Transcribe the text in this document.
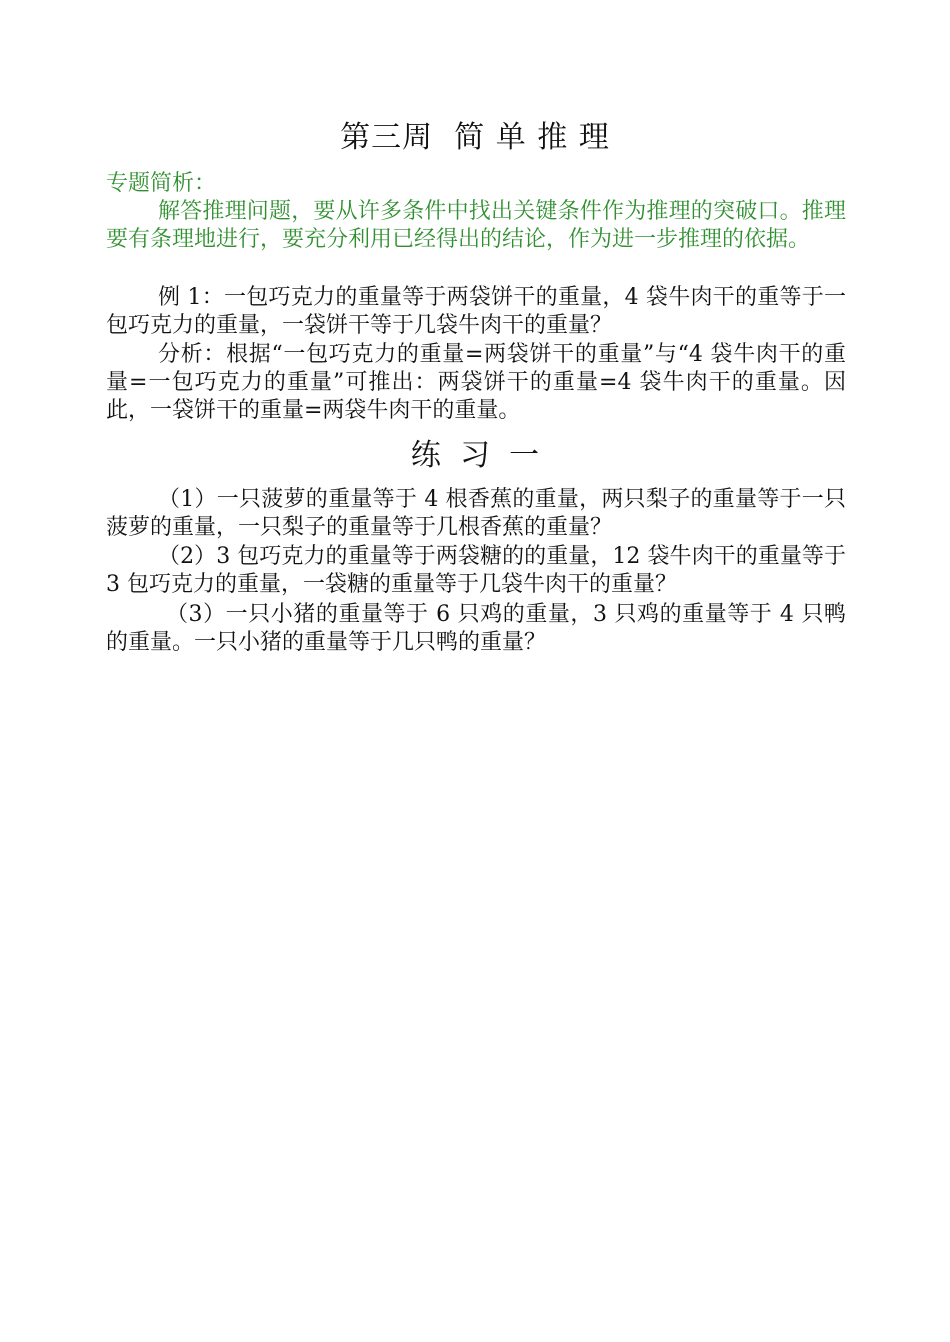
第三周  简 单 推 理
专题简析：
解答推理问题，要从许多条件中找出关键条件作为推理的突破口。推理要有条理地进行，要充分利用已经得出的结论，作为进一步推理的依据。
例 1：一包巧克力的重量等于两袋饼干的重量，4 袋牛肉干的重等于一包巧克力的重量，一袋饼干等于几袋牛肉干的重量？
分析：根据“一包巧克力的重量=两袋饼干的重量”与“4 袋牛肉干的重量=一包巧克力的重量”可推出：两袋饼干的重量=4 袋牛肉干的重量。因此，一袋饼干的重量=两袋牛肉干的重量。
练  习  一
（1）一只菠萝的重量等于 4 根香蕉的重量，两只梨子的重量等于一只菠萝的重量，一只梨子的重量等于几根香蕉的重量？
（2）3 包巧克力的重量等于两袋糖的的重量，12 袋牛肉干的重量等于 3 包巧克力的重量，一袋糖的重量等于几袋牛肉干的重量？
（3）一只小猪的重量等于 6 只鸡的重量，3 只鸡的重量等于 4 只鸭的重量。一只小猪的重量等于几只鸭的重量？
